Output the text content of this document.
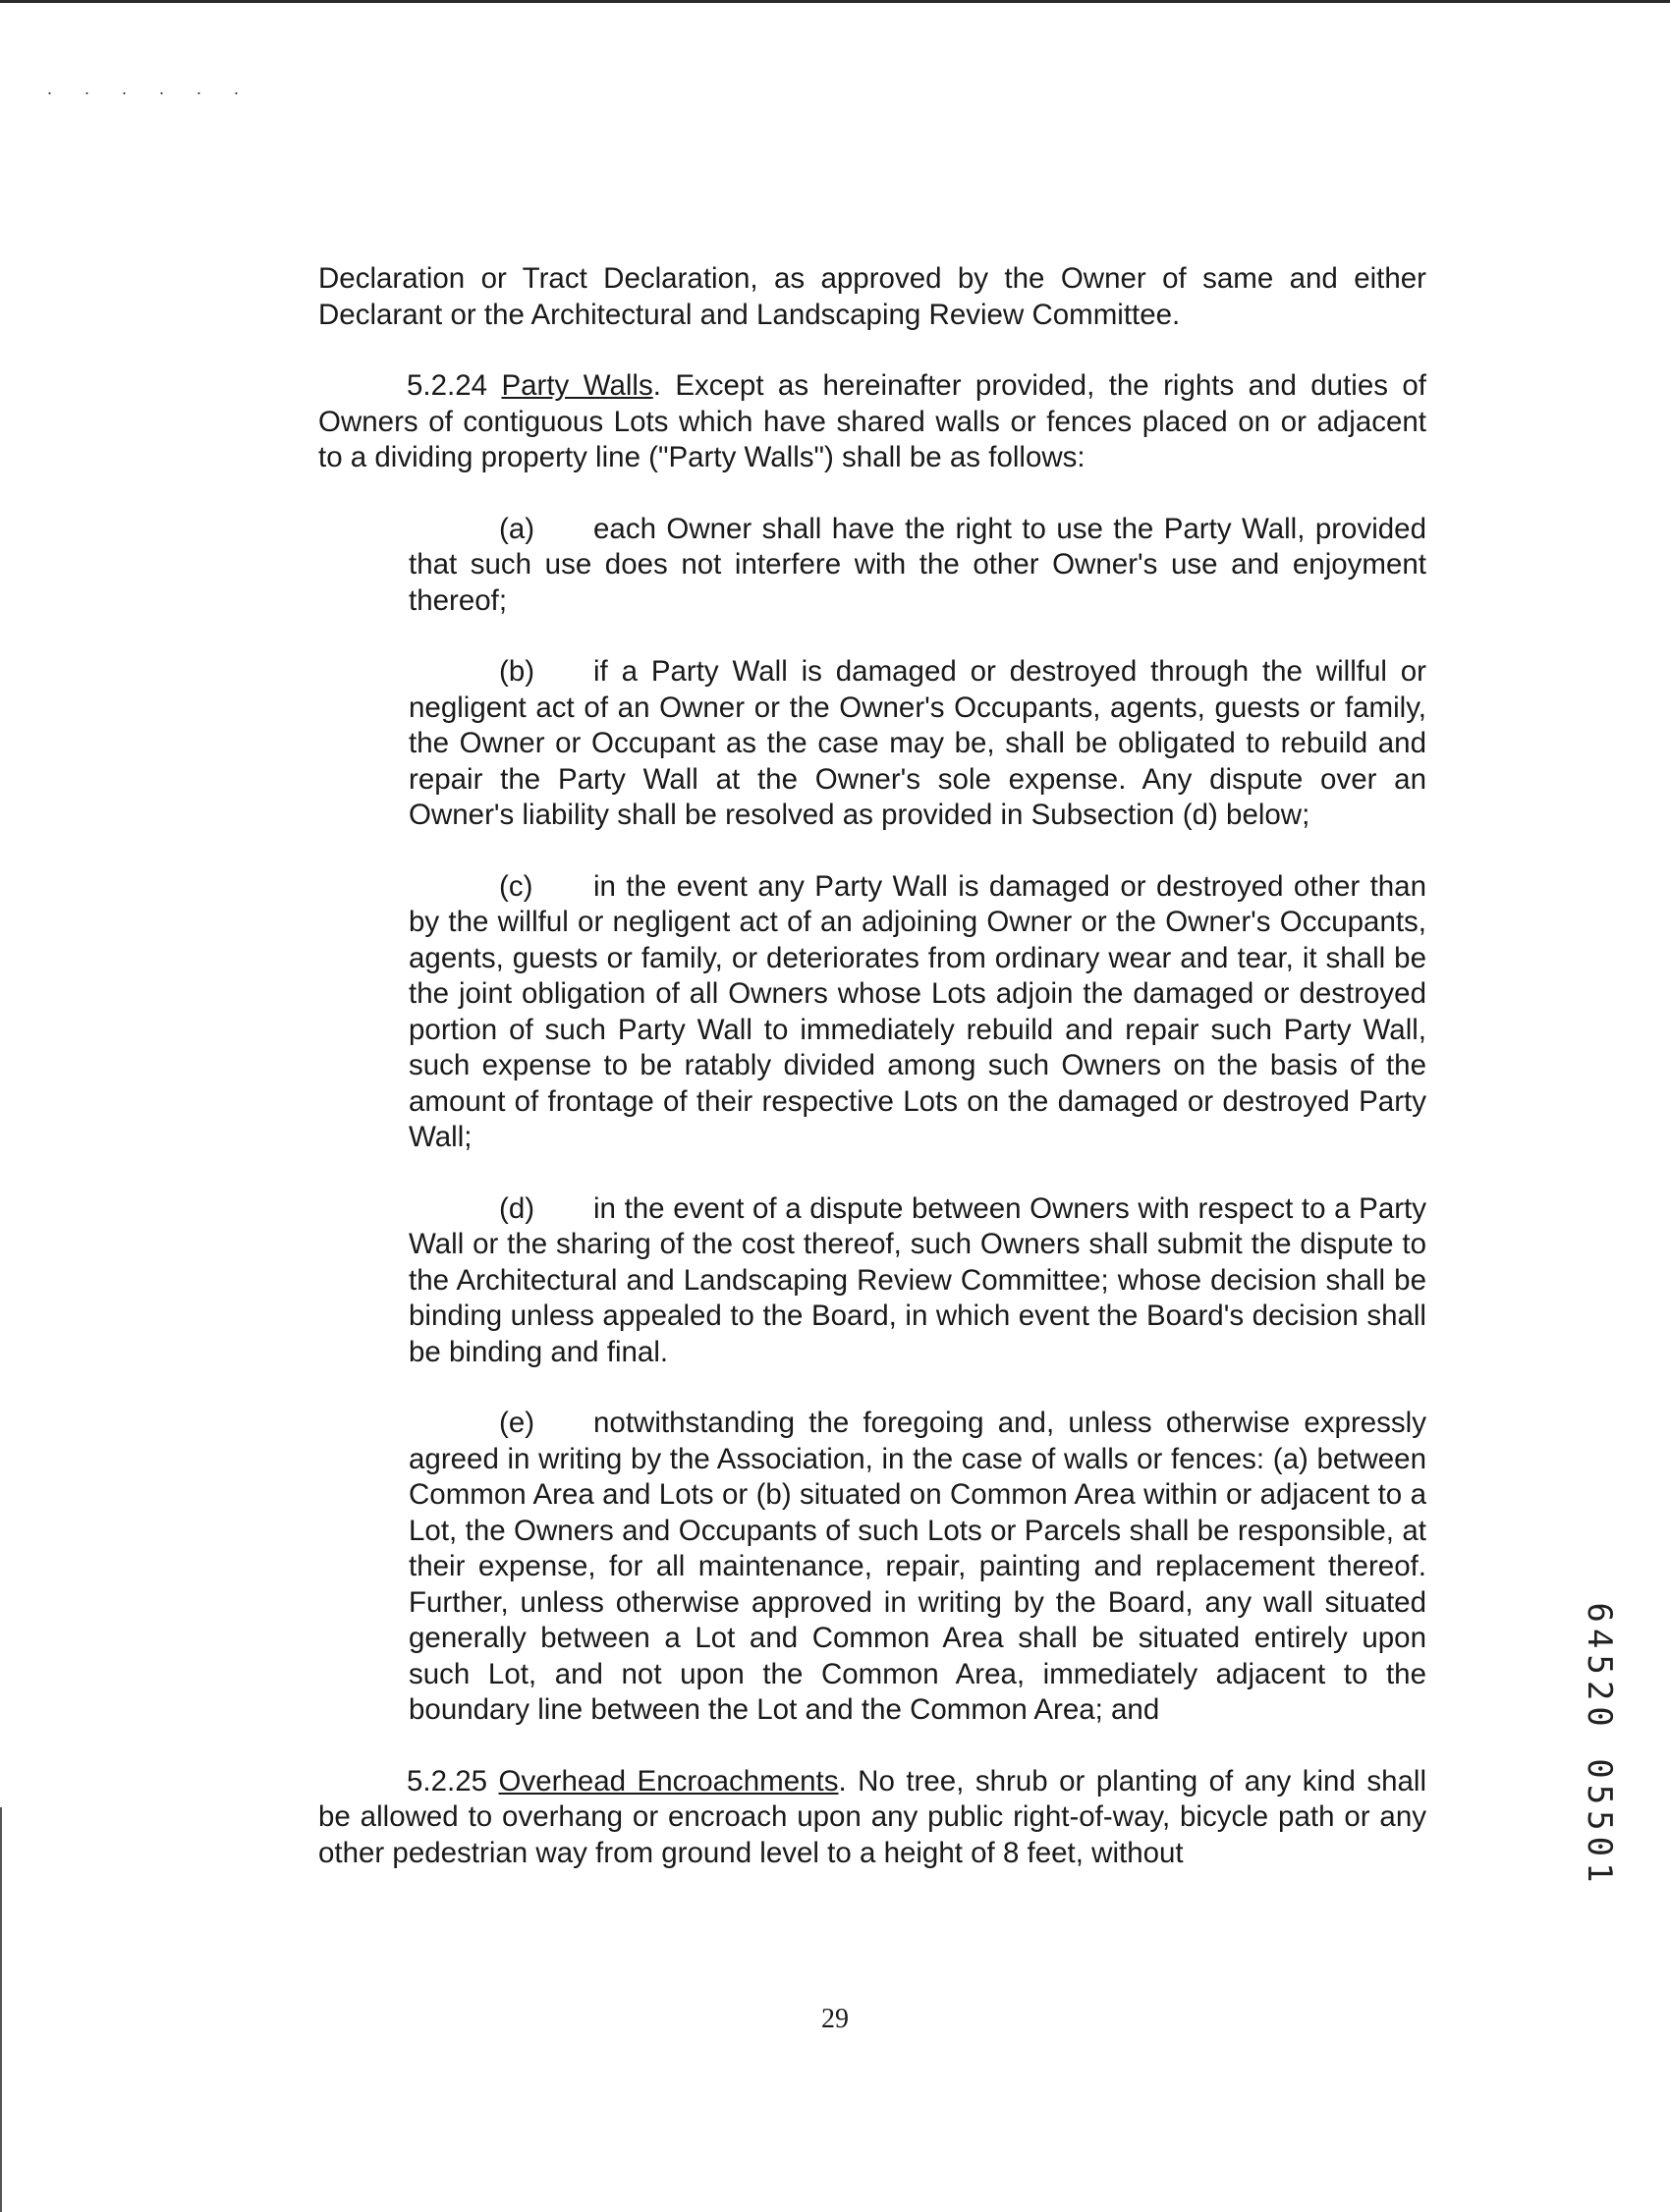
. . . . . .

Declaration or Tract Declaration, as approved by the Owner of same and either Declarant or the Architectural and Landscaping Review Committee.

5.2.24 Party Walls. Except as hereinafter provided, the rights and duties of Owners of contiguous Lots which have shared walls or fences placed on or adjacent to a dividing property line ("Party Walls") shall be as follows:

(a) each Owner shall have the right to use the Party Wall, provided that such use does not interfere with the other Owner's use and enjoyment thereof;

(b) if a Party Wall is damaged or destroyed through the willful or negligent act of an Owner or the Owner's Occupants, agents, guests or family, the Owner or Occupant as the case may be, shall be obligated to rebuild and repair the Party Wall at the Owner's sole expense. Any dispute over an Owner's liability shall be resolved as provided in Subsection (d) below;

(c) in the event any Party Wall is damaged or destroyed other than by the willful or negligent act of an adjoining Owner or the Owner's Occupants, agents, guests or family, or deteriorates from ordinary wear and tear, it shall be the joint obligation of all Owners whose Lots adjoin the damaged or destroyed portion of such Party Wall to immediately rebuild and repair such Party Wall, such expense to be ratably divided among such Owners on the basis of the amount of frontage of their respective Lots on the damaged or destroyed Party Wall;

(d) in the event of a dispute between Owners with respect to a Party Wall or the sharing of the cost thereof, such Owners shall submit the dispute to the Architectural and Landscaping Review Committee; whose decision shall be binding unless appealed to the Board, in which event the Board's decision shall be binding and final.

(e) notwithstanding the foregoing and, unless otherwise expressly agreed in writing by the Association, in the case of walls or fences: (a) between Common Area and Lots or (b) situated on Common Area within or adjacent to a Lot, the Owners and Occupants of such Lots or Parcels shall be responsible, at their expense, for all maintenance, repair, painting and replacement thereof. Further, unless otherwise approved in writing by the Board, any wall situated generally between a Lot and Common Area shall be situated entirely upon such Lot, and not upon the Common Area, immediately adjacent to the boundary line between the Lot and the Common Area; and

5.2.25 Overhead Encroachments. No tree, shrub or planting of any kind shall be allowed to overhang or encroach upon any public right-of-way, bicycle path or any other pedestrian way from ground level to a height of 8 feet, without

29
64520 05501
